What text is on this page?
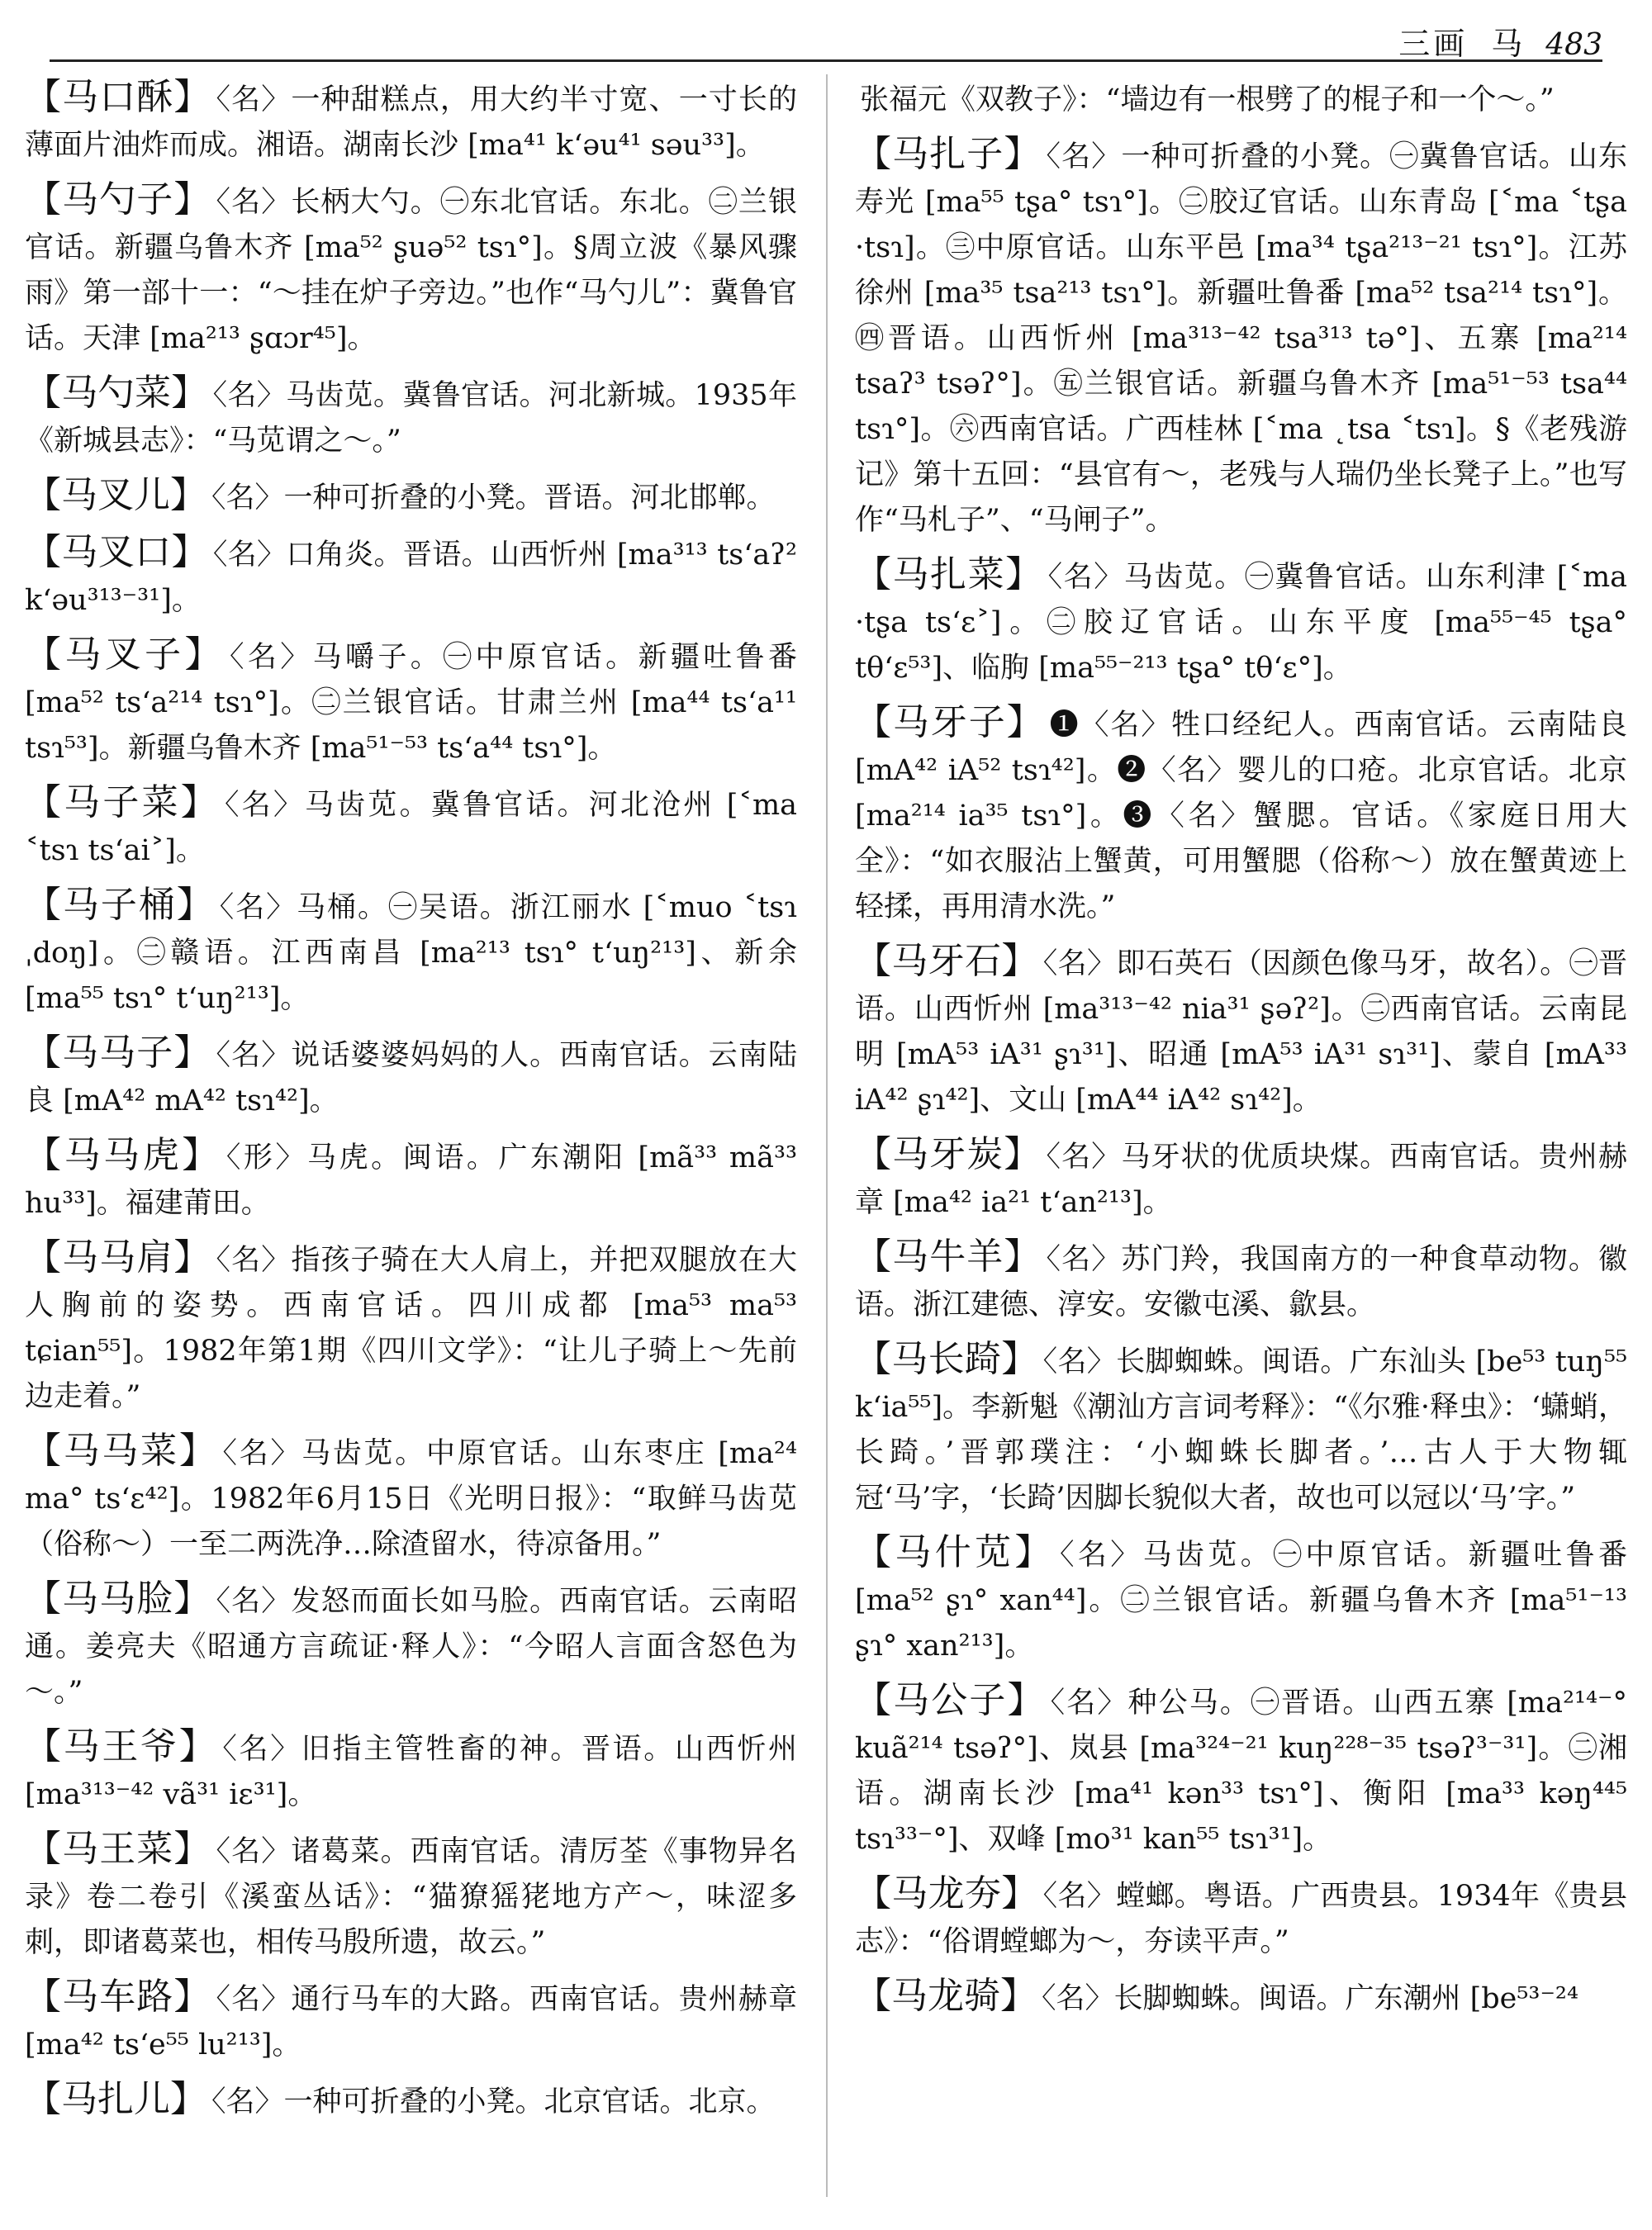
三画 马 483
【马口酥】 〈名〉一种甜糕点，用大约半寸宽、一寸长的薄面片油炸而成。湘语。湖南长沙 [ma⁴¹ k‘əu⁴¹ səu³³]。
【马勺子】 〈名〉长柄大勺。㊀东北官话。东北。㊁兰银官话。新疆乌鲁木齐 [ma⁵² ʂuə⁵² tsɿ°]。§周立波《暴风骤雨》第一部十一：“～挂在炉子旁边。”也作“马勺儿”：冀鲁官话。天津 [ma²¹³ ʂɑɔr⁴⁵]。
【马勺菜】 〈名〉马齿苋。冀鲁官话。河北新城。1935年《新城县志》：“马苋谓之～。”
【马叉儿】 〈名〉一种可折叠的小凳。晋语。河北邯郸。
【马叉口】 〈名〉口角炎。晋语。山西忻州 [ma³¹³ ts‘aʔ² k‘əu³¹³⁻³¹]。
【马叉子】 〈名〉马嚼子。㊀中原官话。新疆吐鲁番 [ma⁵² ts‘a²¹⁴ tsɿ°]。㊁兰银官话。甘肃兰州 [ma⁴⁴ ts‘a¹¹ tsɿ⁵³]。新疆乌鲁木齐 [ma⁵¹⁻⁵³ ts‘a⁴⁴ tsɿ°]。
【马子菜】 〈名〉马齿苋。冀鲁官话。河北沧州 [˂ma ˂tsɿ ts‘ai˃]。
【马子桶】 〈名〉马桶。㊀吴语。浙江丽水 [˂muo ˂tsɿ ˌdoŋ]。㊁赣语。江西南昌 [ma²¹³ tsɿ° t‘uŋ²¹³]、新余 [ma⁵⁵ tsɿ° t‘uŋ²¹³]。
【马马子】 〈名〉说话婆婆妈妈的人。西南官话。云南陆良 [mA⁴² mA⁴² tsɿ⁴²]。
【马马虎】 〈形〉马虎。闽语。广东潮阳 [mã³³ mã³³ hu³³]。福建莆田。
【马马肩】 〈名〉指孩子骑在大人肩上，并把双腿放在大人胸前的姿势。西南官话。四川成都 [ma⁵³ ma⁵³ tɕian⁵⁵]。1982年第1期《四川文学》：“让儿子骑上～先前边走着。”
【马马菜】 〈名〉马齿苋。中原官话。山东枣庄 [ma²⁴ ma° ts‘ɛ⁴²]。1982年6月15日《光明日报》：“取鲜马齿苋（俗称～）一至二两洗净…除渣留水，待凉备用。”
【马马脸】 〈名〉发怒而面长如马脸。西南官话。云南昭通。姜亮夫《昭通方言疏证·释人》：“今昭人言面含怒色为～。”
【马王爷】 〈名〉旧指主管牲畜的神。晋语。山西忻州 [ma³¹³⁻⁴² vã³¹ iɛ³¹]。
【马王菜】 〈名〉诸葛菜。西南官话。清厉荃《事物异名录》卷二卷引《溪蛮丛话》：“猫獠猺狫地方产～，味涩多刺，即诸葛菜也，相传马殷所遗，故云。”
【马车路】 〈名〉通行马车的大路。西南官话。贵州赫章 [ma⁴² ts‘e⁵⁵ lu²¹³]。
【马扎儿】 〈名〉一种可折叠的小凳。北京官话。北京。
张福元《双教子》：“墙边有一根劈了的棍子和一个～。”
【马扎子】 〈名〉一种可折叠的小凳。㊀冀鲁官话。山东寿光 [ma⁵⁵ tʂa° tsɿ°]。㊁胶辽官话。山东青岛 [˂ma ˂tʂa ·tsɿ]。㊂中原官话。山东平邑 [ma³⁴ tʂa²¹³⁻²¹ tsɿ°]。江苏徐州 [ma³⁵ tsa²¹³ tsɿ°]。新疆吐鲁番 [ma⁵² tsa²¹⁴ tsɿ°]。㊃晋语。山西忻州 [ma³¹³⁻⁴² tsa³¹³ tə°]、五寨 [ma²¹⁴ tsaʔ³ tsəʔ°]。㊄兰银官话。新疆乌鲁木齐 [ma⁵¹⁻⁵³ tsa⁴⁴ tsɿ°]。㊅西南官话。广西桂林 [˂ma ˛tsa ˂tsɿ]。§《老残游记》第十五回：“县官有～，老残与人瑞仍坐长凳子上。”也写作“马札子”、“马闸子”。
【马扎菜】 〈名〉马齿苋。㊀冀鲁官话。山东利津 [˂ma ·tʂa ts‘ɛ˃]。㊁胶辽官话。山东平度 [ma⁵⁵⁻⁴⁵ tʂa° tθ‘ɛ⁵³]、临朐 [ma⁵⁵⁻²¹³ tʂa° tθ‘ɛ°]。
【马牙子】 ❶〈名〉牲口经纪人。西南官话。云南陆良 [mA⁴² iA⁵² tsɿ⁴²]。❷〈名〉婴儿的口疮。北京官话。北京 [ma²¹⁴ ia³⁵ tsɿ°]。❸〈名〉蟹腮。官话。《家庭日用大全》：“如衣服沾上蟹黄，可用蟹腮（俗称～）放在蟹黄迹上轻揉，再用清水洗。”
【马牙石】 〈名〉即石英石（因颜色像马牙，故名）。㊀晋语。山西忻州 [ma³¹³⁻⁴² nia³¹ ʂəʔ²]。㊁西南官话。云南昆明 [mA⁵³ iA³¹ ʂɿ³¹]、昭通 [mA⁵³ iA³¹ sɿ³¹]、蒙自 [mA³³ iA⁴² ʂɿ⁴²]、文山 [mA⁴⁴ iA⁴² sɿ⁴²]。
【马牙炭】 〈名〉马牙状的优质块煤。西南官话。贵州赫章 [ma⁴² ia²¹ t‘an²¹³]。
【马牛羊】 〈名〉苏门羚，我国南方的一种食草动物。徽语。浙江建德、淳安。安徽屯溪、歙县。
【马长踦】 〈名〉长脚蜘蛛。闽语。广东汕头 [be⁵³ tuŋ⁵⁵ k‘ia⁵⁵]。李新魁《潮汕方言词考释》：“《尔雅·释虫》：‘蟏蛸，长踦。’晋郭璞注：‘小蜘蛛长脚者。’…古人于大物辄冠‘马’字，‘长踦’因脚长貌似大者，故也可以冠以‘马’字。”
【马什苋】 〈名〉马齿苋。㊀中原官话。新疆吐鲁番 [ma⁵² ʂɿ° xan⁴⁴]。㊁兰银官话。新疆乌鲁木齐 [ma⁵¹⁻¹³ ʂɿ° xan²¹³]。
【马公子】 〈名〉种公马。㊀晋语。山西五寨 [ma²¹⁴⁻° kuã²¹⁴ tsəʔ°]、岚县 [ma³²⁴⁻²¹ kuŋ²²⁸⁻³⁵ tsəʔ³⁻³¹]。㊁湘语。湖南长沙 [ma⁴¹ kən³³ tsɿ°]、衡阳 [ma³³ kəŋ⁴⁴⁵ tsɿ³³⁻°]、双峰 [mo³¹ kan⁵⁵ tsɿ³¹]。
【马龙夯】 〈名〉螳螂。粤语。广西贵县。1934年《贵县志》：“俗谓螳螂为～，夯读平声。”
【马龙骑】 〈名〉长脚蜘蛛。闽语。广东潮州 [be⁵³⁻²⁴
